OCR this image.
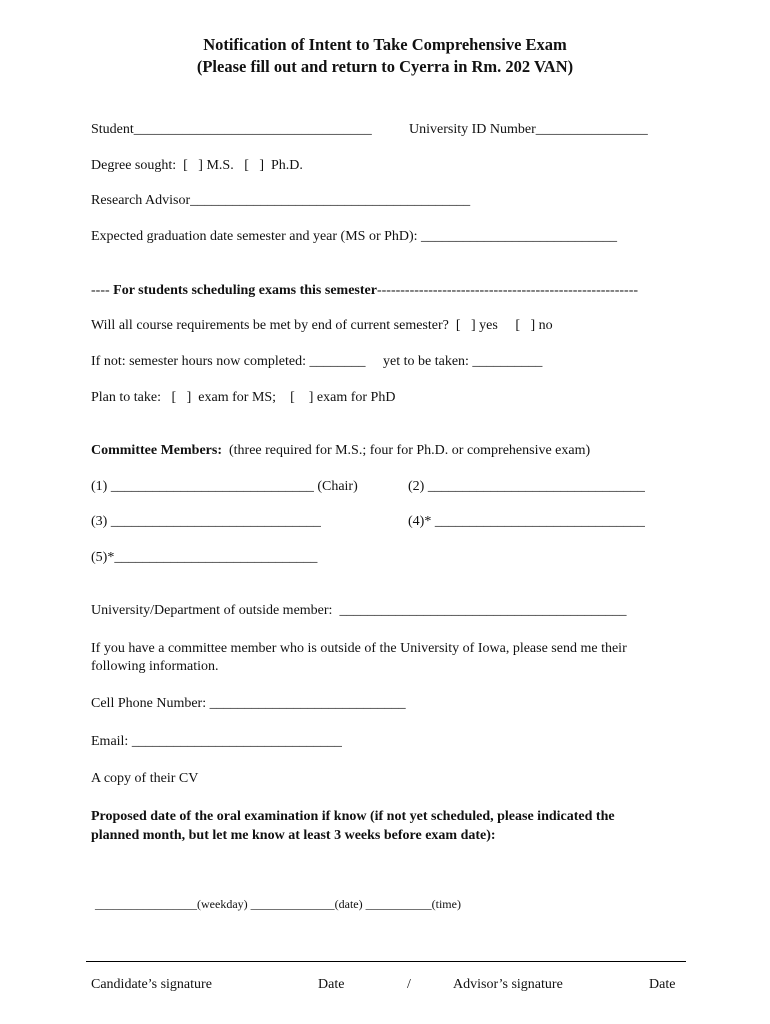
Notification of Intent to Take Comprehensive Exam
(Please fill out and return to Cyerra in Rm. 202 VAN)
Student__________________________________	University ID Number________________
Degree sought:  [   ] M.S.   [   ]  Ph.D.
Research Advisor________________________________________
Expected graduation date semester and year (MS or PhD): ____________________________
---- For students scheduling exams this semester--------------------------------------------------------
Will all course requirements be met by end of current semester?  [   ] yes     [   ] no
If not: semester hours now completed: ________     yet to be taken: __________
Plan to take:   [   ]  exam for MS;    [    ] exam for PhD
Committee Members:  (three required for M.S.; four for Ph.D. or comprehensive exam)
(1) _____________________________ (Chair)	(2) _______________________________
(3) ______________________________	(4)* ______________________________
(5)*_____________________________
University/Department of outside member:  _________________________________________
If you have a committee member who is outside of the University of Iowa, please send me their
following information.
Cell Phone Number: ____________________________
Email: ______________________________
A copy of their CV
Proposed date of the oral examination if know (if not yet scheduled, please indicated the
planned month, but let me know at least 3 weeks before exam date):
_________________(weekday) ______________(date) ___________(time)
Candidate’s signature	Date	/	Advisor’s signature	Date
